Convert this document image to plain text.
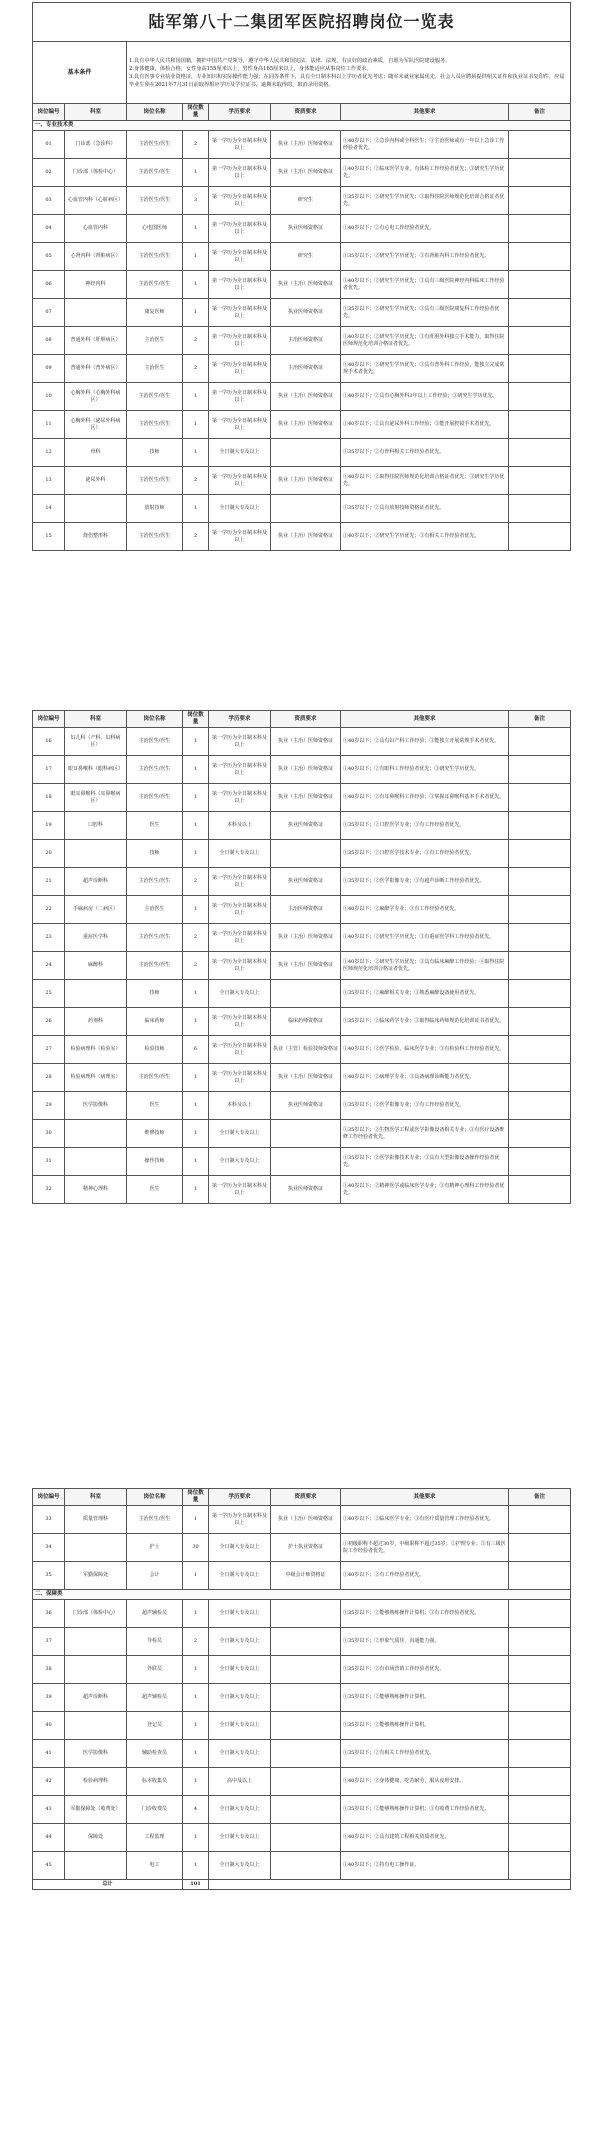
陆军第八十二集团军医院招聘岗位一览表							
基本条件		1.具有中华人民共和国国籍，拥护中国共产党领导，遵守中华人民共和国宪法、法律、法规，有良好的政治素质，自愿为军队医院建设服务。
2.身体健康，体检合格，女性身高155厘米以上，男性身高165厘米以上，身体能适应从事岗位工作要求。
3.具有医事专业执业资格证，专业知识和实际操作能力强；在同等条件下，具有全日制本科以上学历者优先考虑；随军未就业家属优先，社会人员应聘须提供相关证件和执业证书复印件，应届毕业生须在2021年7月31日前取得相应学历及学位证书，逾期未取得的，取消录用资格。					

岗位编号	科室	岗位名称	岗位数量	学历要求	资质要求	其他要求	备注
一、专业技术类							
01	门诊部（急诊科）	主治医生/医生	2	第一学历为全日制本科及以上	执业（主治）医师资格证	①40岁以下；②急诊内科或全科医生；③主治医师或有一年以上急诊工作经验者优先。	
02	门诊部（体检中心）	主治医生/医生	1	第一学历为全日制本科及以上	执业（主治）医师资格证	①40岁以下；②临床医学专业，有体检工作经验者优先；③研究生学历优先。	
03	心血管内科（心脏病区）	主治医生/医生	3	第一学历为全日制本科及以上	研究生	①35岁以下；②研究生学历优先；③取得住院医师规范化培训合格证者优先。	
04	心血管内科	心电图医师	1	第一学历为全日制本科及以上	执业医师资格证	①40岁以下；②有心电工作经验者优先。	
05	心肾内科（肾脏病区）	主治医生/医生	1	第一学历为全日制本科及以上	研究生	①35岁以下；②研究生学历优先；③有肾脏内科工作经验者优先。	
06	神经内科	主治医生/医生	1	第一学历为全日制本科及以上	执业（主治）医师资格证	①40岁以下；②研究生学历优先；③具有三级医院神经内科临床工作经验者优先。	
07		康复医师	1	第一学历为全日制本科及以上	执业医师资格证	①35岁以下；②研究生学历优先；③具有三级医院康复科工作经验者优先。	
08	普通外科（肝胆病区）	主治医生	2	第一学历为全日制本科及以上	主治医师资格证	①40岁以下；②研究生学历优先；③有肝胆外科独立手术能力，取得住院医师规范化培训合格证者优先。	
09	普通外科（普外病区）	主治医生	2	第一学历为全日制本科及以上	主治医师资格证	①40岁以下；②研究生学历优先；③具有普外科工作经验，能独立完成常规手术者优先。	
10	心胸外科（心胸外科病区）	主治医生/医生	1	第一学历为全日制本科及以上	执业（主治）医师资格证	①40岁以下；②具有心胸外科3年以上工作经验；③研究生学历优先。	
11	心胸外科（泌尿外科病区）	主治医生/医生	1	第一学历为全日制本科及以上	执业（主治）医师资格证	①40岁以下；②具有泌尿外科工作经验；③能开展腔镜手术者优先。	
12	骨科	技师	1	全日制大专及以上		①35岁以下；②有骨科相关工作经验者优先。	
13	泌尿外科	主治医生/医生	2	第一学历为全日制本科及以上	执业（主治）医师资格证	①40岁以下；②取得住院医师规范化培训合格证者优先；③研究生学历优先。	
14		放射技师	1	全日制大专及以上		①35岁以下；②具有放射技师资格证者优先。	
15	烧伤整形科	主治医生/医生	2	第一学历为全日制本科及以上	执业（主治）医师资格证	①40岁以下；②研究生学历优先；③有相关工作经验者优先。	
岗位编号	科室	岗位名称	岗位数量	学历要求	资质要求	其他要求	备注
16	妇儿科（产科、妇科病区）	主治医生/医生	1	第一学历为全日制本科及以上	执业（主治）医师资格证	①40岁以下；②具有妇产科工作经验；③能独立开展常规手术者优先。	
17	眼耳鼻喉科（眼科病区）	主治医生/医生	1	第一学历为全日制本科及以上	执业（主治）医师资格证	①40岁以下；②有眼科工作经验者优先；③研究生学历优先。	
18	眼耳鼻喉科（耳鼻喉病区）	主治医生/医生	1	第一学历为全日制本科及以上	执业（主治）医师资格证	①40岁以下；②有耳鼻喉科工作经验；③掌握耳鼻喉科基本手术者优先。	
19	口腔科	医生	1	本科及以上	执业医师资格证	①35岁以下；②口腔医学专业；③有工作经验者优先。	
20		技师	1	全日制大专及以上		①35岁以下；②口腔医学技术专业；③有工作经验者优先。	
21	超声诊断科	主治医生/医生	2	第一学历为全日制本科及以上	执业医师资格证	①35岁以下；②医学影像专业；③有超声诊断工作经验者优先。	
22	手麻病房（二病区）	主治医生	1	第一学历为全日制本科及以上	主治医师资格证	①40岁以下；②麻醉学专业；③有工作经验者优先。	
23	重症医学科	主治医生/医生	2	第一学历为全日制本科及以上	执业（主治）医师资格证	①40岁以下；②研究生学历优先；③有重症医学科工作经验者优先。	
24	麻醉科	主治医生/医生	2	第一学历为全日制本科及以上	执业（主治）医师资格证	①40岁以下；②研究生学历优先；③具有临床麻醉工作经验；④取得住院医师规范化培训合格证者优先。	
25		技师	1	全日制大专及以上		①35岁以下；②麻醉相关专业；③熟悉麻醉设备使用者优先。	
26	药剂科	临床药师	1	第一学历为全日制本科及以上	临床药师资格证	①35岁以下；②临床药学专业；③取得临床药师规范化培训证书者优先。	
27	检验病理科（检验室）	检验技师	6	第一学历为全日制本科及以上	执业（主管）检验技师资格证	①40岁以下；②医学检验、临床医学专业；③有检验科工作经验者优先。	
28	检验病理科（病理室）	主治医生/医生	1	第一学历为全日制本科及以上	执业（主治）医师资格证	①40岁以下；②病理学专业；③具备病理诊断能力者优先。	
29	医学影像科	医生	1	本科及以上	执业医师资格证	①35岁以下；②医学影像专业；③有工作经验者优先。	
30		维修技师	1	全日制大专及以上		①35岁以下；②生物医学工程或医学影像设备相关专业；③有医疗设备维修工作经验者优先。	
31		操作技师	1	全日制大专及以上		①35岁以下；②医学影像技术专业；③具有大型影像设备操作经验者优先。	
32	精神心理科	医生	1	第一学历为全日制本科及以上	执业医师资格证	①40岁以下；②精神医学或临床医学专业；③有精神心理科工作经验者优先。	
岗位编号	科室	岗位名称	岗位数量	学历要求	资质要求	其他要求	备注
33	质量管理科	主治医生/医生	1	第一学历为全日制本科及以上	执业（主治）医师资格证	①40岁以下；②临床医学专业；③有医疗质量管理工作经验者优先。	
34		护士	30	全日制大专及以上	护士执业资格证	①初级职称不超过30岁，中级职称不超过35岁；②护理专业；③有三级医院工作经验者优先。	
35	军勤保障处	会计	1	全日制大专及以上	中级会计师资格证	①40岁以下；②有工作经验者优先。	
二、保障类							
36	门诊部（体检中心）	超声辅检员	1	全日制大专及以上		①35岁以下；②能够熟练操作计算机；③有工作经验者优先。	
37		导检员	2	全日制大专及以上		①35岁以下；②形象气质佳，沟通能力强。	
38		外联员	1	全日制大专及以上		①35岁以下；②有市场营销工作经验者优先。	
39	超声诊断科	超声辅检员	1	全日制大专及以上		①35岁以下；②能够熟练操作计算机。	
40		登记员	1	全日制大专及以上		①35岁以下；②能够熟练操作计算机。	
41	医学影像科	辅助检查员	1	全日制大专及以上		①35岁以下；②有相关工作经验者优先。	
42	检验病理科	标本收集员	1	高中及以上		①40岁以下；②身体健康，吃苦耐劳，服从夜班安排。	
43	军勤保障处（收费处）	门诊收费员	4	全日制大专及以上		①35岁以下；②能够熟练操作计算机；③有收费工作经验者优先。	
44	保障处	工程监理	1	全日制大专及以上		①40岁以下；②具有建筑工程相关资质者优先。	
45		电工	1	全日制大专及以上		①40岁以下；②持有电工操作证。	
总计			101				
